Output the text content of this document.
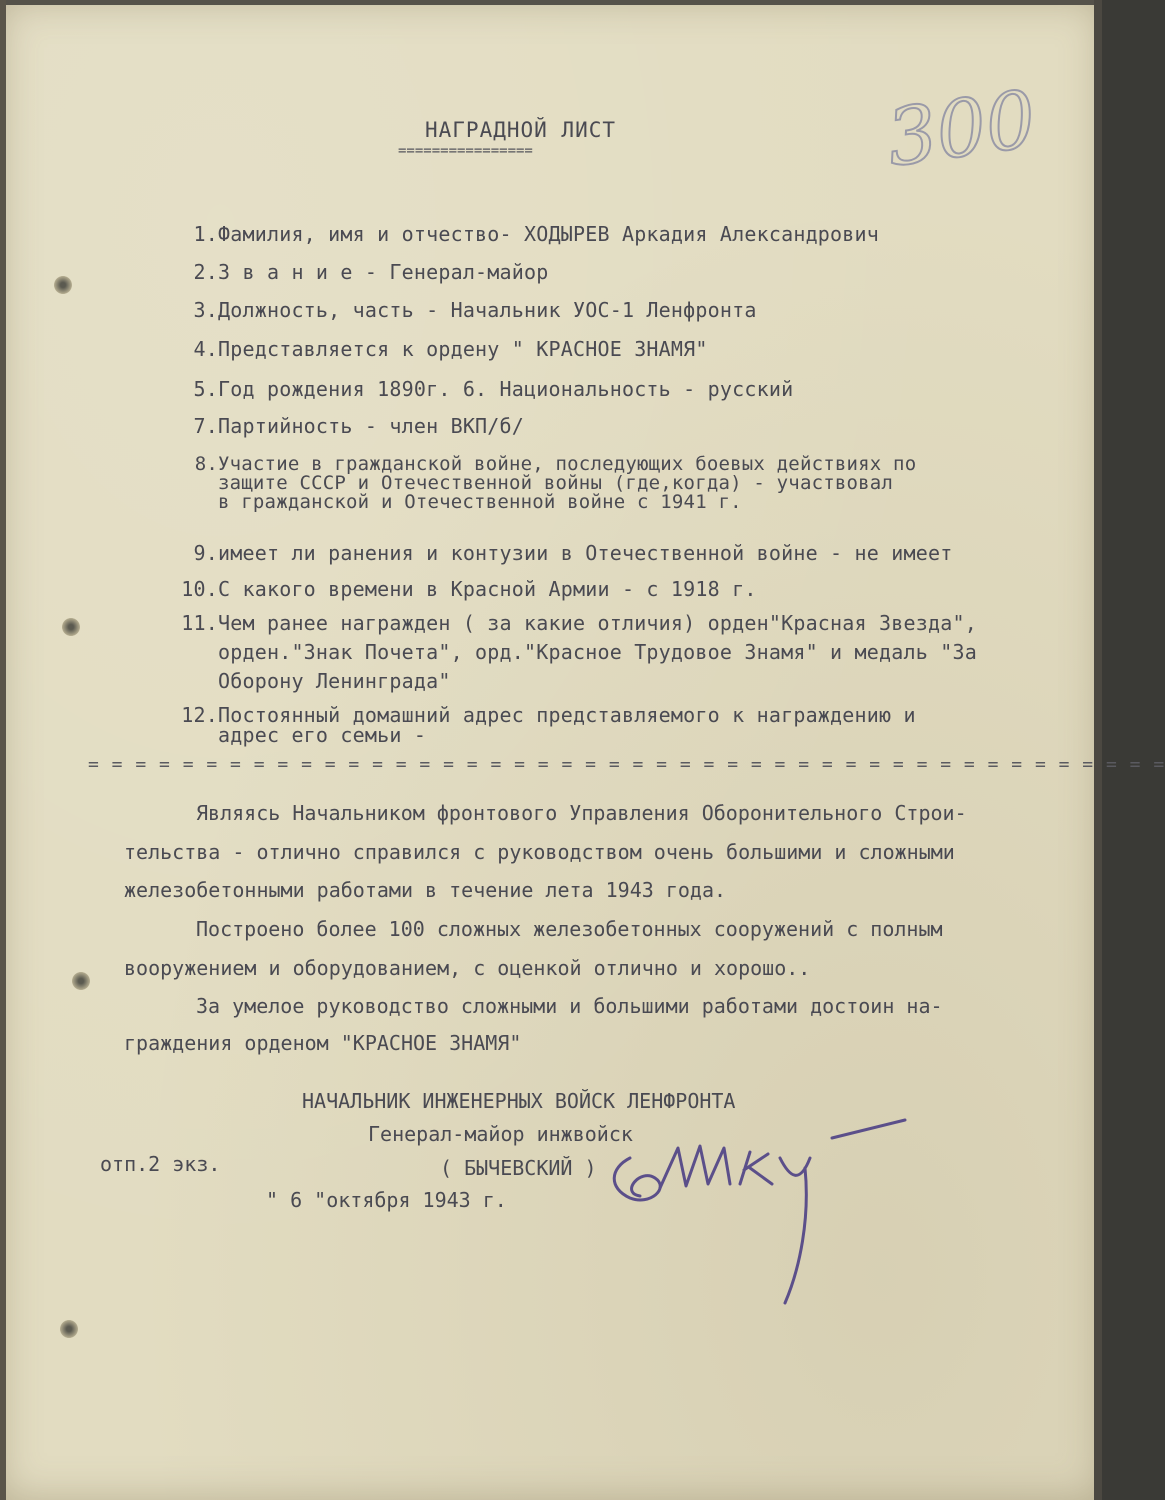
НАГРАДНОЙ ЛИСТ
================	300
1.Фамилия, имя и отчество- ХОДЫРЕВ Аркадия Александрович
2.З в а н и е - Генерал-майор
3.Должность, часть - Начальник УОС-1 Ленфронта
4.Представляется к ордену " КРАСНОЕ ЗНАМЯ"
5.Год рождения 1890г. 6. Национальность - русский
7.Партийность - член ВКП/б/
8.Участие в гражданской войне, последующих боевых действиях по
защите СССР и Отечественной войны (где,когда) - участвовал
в гражданской и Отечественной войне с 1941 г.
9.имеет ли ранения и контузии в Отечественной войне - не имеет
10.С какого времени в Красной Армии - с 1918 г.
11.Чем ранее награжден ( за какие отличия) орден"Красная Звезда",
орден."Знак Почета", орд."Красное Трудовое Знамя" и медаль "За
Оборону Ленинграда"
12.Постоянный домашний адрес представляемого к награждению и
адрес его семьи -
= = = = = = = = = = = = = = = = = = = = = = = = = = = = = = = = = = = = = = = = = = = = = =
Являясь Начальником фронтового Управления Оборонительного Строи-
тельства - отлично справился с руководством очень большими и сложными
железобетонными работами в течение лета 1943 года.
Построено более 100 сложных железобетонных сооружений с полным
вооружением и оборудованием, с оценкой отлично и хорошо..
За умелое руководство сложными и большими работами достоин на-
граждения орденом "КРАСНОЕ ЗНАМЯ"
НАЧАЛЬНИК ИНЖЕНЕРНЫХ ВОЙСК ЛЕНФРОНТА
Генерал-майор инжвойск
отп.2 экз.	( БЫЧЕВСКИЙ )
" 6 "октября 1943 г.
